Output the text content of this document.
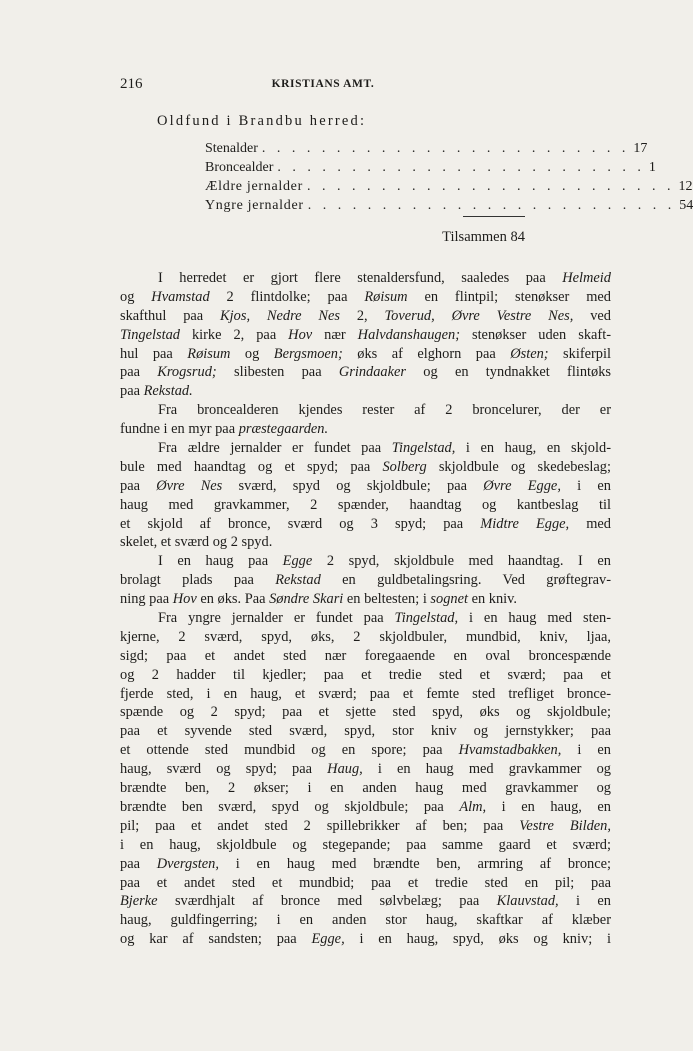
216	KRISTIANS AMT.
Oldfund i Brandbu herred:
Stenalder . . . . . . . . . . . . . . . . . . . . . . . . . 17
Broncealder . . . . . . . . . . . . . . . . . . . . . . . . . 1
Ældre jernalder . . . . . . . . . . . . . . . . . . . . . . . . . 12
Yngre jernalder . . . . . . . . . . . . . . . . . . . . . . . . . 54
Tilsammen 84
I herredet er gjort flere stenaldersfund, saaledes paa Helmeid
og Hvamstad 2 flintdolke; paa Røisum en flintpil; stenøkser med
skafthul paa Kjos, Nedre Nes 2, Toverud, Øvre Vestre Nes, ved
Tingelstad kirke 2, paa Hov nær Halvdanshaugen; stenøkser uden skaft-
hul paa Røisum og Bergsmoen; øks af elghorn paa Østen; skiferpil
paa Krogsrud; slibesten paa Grindaaker og en tyndnakket flintøks
paa Rekstad.
Fra broncealderen kjendes rester af 2 broncelurer, der er
fundne i en myr paa præstegaarden.
Fra ældre jernalder er fundet paa Tingelstad, i en haug, en skjold-
bule med haandtag og et spyd; paa Solberg skjoldbule og skedebeslag;
paa Øvre Nes sværd, spyd og skjoldbule; paa Øvre Egge, i en
haug med gravkammer, 2 spænder, haandtag og kantbeslag til
et skjold af bronce, sværd og 3 spyd; paa Midtre Egge, med
skelet, et sværd og 2 spyd.
I en haug paa Egge 2 spyd, skjoldbule med haandtag. I en
brolagt plads paa Rekstad en guldbetalingsring. Ved grøftegrav-
ning paa Hov en øks. Paa Søndre Skari en beltesten; i sognet en kniv.
Fra yngre jernalder er fundet paa Tingelstad, i en haug med sten-
kjerne, 2 sværd, spyd, øks, 2 skjoldbuler, mundbid, kniv, ljaa,
sigd; paa et andet sted nær foregaaende en oval broncespænde
og 2 hadder til kjedler; paa et tredie sted et sværd; paa et
fjerde sted, i en haug, et sværd; paa et femte sted trefliget bronce-
spænde og 2 spyd; paa et sjette sted spyd, øks og skjoldbule;
paa et syvende sted sværd, spyd, stor kniv og jernstykker; paa
et ottende sted mundbid og en spore; paa Hvamstadbakken, i en
haug, sværd og spyd; paa Haug, i en haug med gravkammer og
brændte ben, 2 økser; i en anden haug med gravkammer og
brændte ben sværd, spyd og skjoldbule; paa Alm, i en haug, en
pil; paa et andet sted 2 spillebrikker af ben; paa Vestre Bilden,
i en haug, skjoldbule og stegepande; paa samme gaard et sværd;
paa Dvergsten, i en haug med brændte ben, armring af bronce;
paa et andet sted et mundbid; paa et tredie sted en pil; paa
Bjerke sværdhjalt af bronce med sølvbelæg; paa Klauvstad, i en
haug, guldfingerring; i en anden stor haug, skaftkar af klæber
og kar af sandsten; paa Egge, i en haug, spyd, øks og kniv; i
